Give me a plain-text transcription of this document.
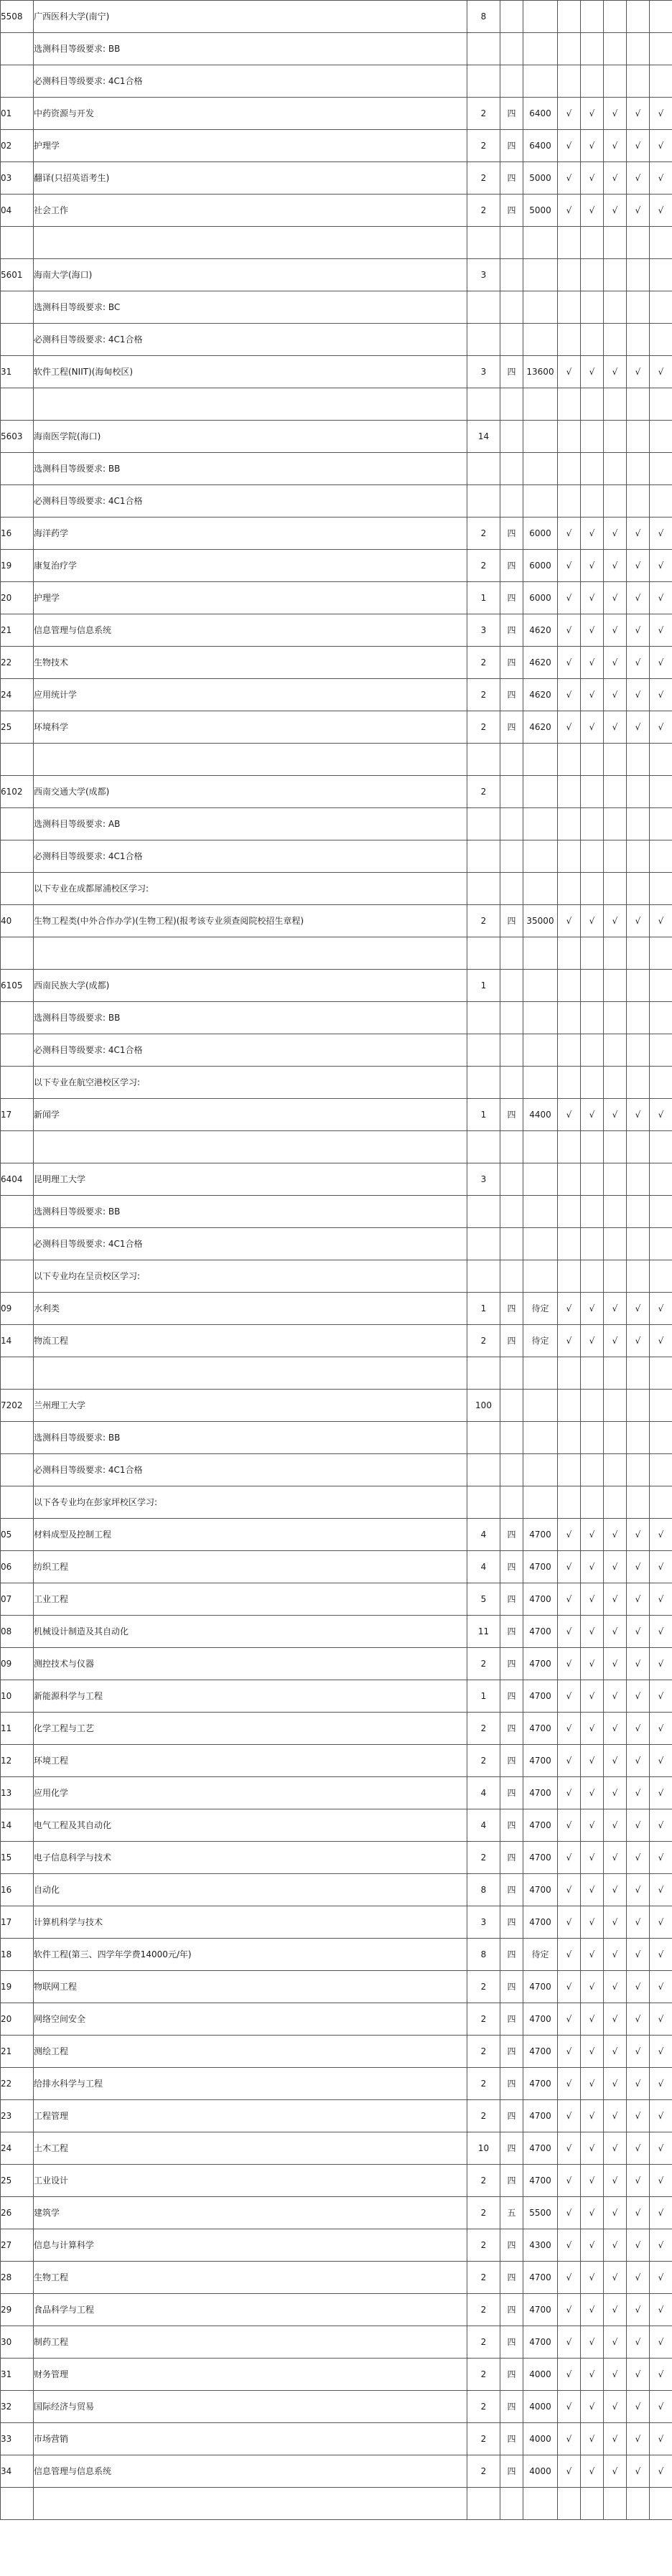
5508	广西医科大学(南宁)	8							
	选测科目等级要求: BB								
	必测科目等级要求: 4C1合格								
01	中药资源与开发	2	四	6400	√	√	√	√	√
02	护理学	2	四	6400	√	√	√	√	√
03	翻译(只招英语考生)	2	四	5000	√	√	√	√	√
04	社会工作	2	四	5000	√	√	√	√	√

5601	海南大学(海口)	3							
	选测科目等级要求: BC								
	必测科目等级要求: 4C1合格								
31	软件工程(NIIT)(海甸校区)	3	四	13600	√	√	√	√	√

5603	海南医学院(海口)	14							
	选测科目等级要求: BB								
	必测科目等级要求: 4C1合格								
16	海洋药学	2	四	6000	√	√	√	√	√
19	康复治疗学	2	四	6000	√	√	√	√	√
20	护理学	1	四	6000	√	√	√	√	√
21	信息管理与信息系统	3	四	4620	√	√	√	√	√
22	生物技术	2	四	4620	√	√	√	√	√
24	应用统计学	2	四	4620	√	√	√	√	√
25	环境科学	2	四	4620	√	√	√	√	√

6102	西南交通大学(成都)	2							
	选测科目等级要求: AB								
	必测科目等级要求: 4C1合格								
	以下专业在成都犀浦校区学习:								
40	生物工程类(中外合作办学)(生物工程)(报考该专业须查阅院校招生章程)	2	四	35000	√	√	√	√	√

6105	西南民族大学(成都)	1							
	选测科目等级要求: BB								
	必测科目等级要求: 4C1合格								
	以下专业在航空港校区学习:								
17	新闻学	1	四	4400	√	√	√	√	√

6404	昆明理工大学	3							
	选测科目等级要求: BB								
	必测科目等级要求: 4C1合格								
	以下专业均在呈贡校区学习:								
09	水利类	1	四	待定	√	√	√	√	√
14	物流工程	2	四	待定	√	√	√	√	√

7202	兰州理工大学	100							
	选测科目等级要求: BB								
	必测科目等级要求: 4C1合格								
	以下各专业均在彭家坪校区学习:								
05	材料成型及控制工程	4	四	4700	√	√	√	√	√
06	纺织工程	4	四	4700	√	√	√	√	√
07	工业工程	5	四	4700	√	√	√	√	√
08	机械设计制造及其自动化	11	四	4700	√	√	√	√	√
09	测控技术与仪器	2	四	4700	√	√	√	√	√
10	新能源科学与工程	1	四	4700	√	√	√	√	√
11	化学工程与工艺	2	四	4700	√	√	√	√	√
12	环境工程	2	四	4700	√	√	√	√	√
13	应用化学	4	四	4700	√	√	√	√	√
14	电气工程及其自动化	4	四	4700	√	√	√	√	√
15	电子信息科学与技术	2	四	4700	√	√	√	√	√
16	自动化	8	四	4700	√	√	√	√	√
17	计算机科学与技术	3	四	4700	√	√	√	√	√
18	软件工程(第三、四学年学费14000元/年)	8	四	待定	√	√	√	√	√
19	物联网工程	2	四	4700	√	√	√	√	√
20	网络空间安全	2	四	4700	√	√	√	√	√
21	测绘工程	2	四	4700	√	√	√	√	√
22	给排水科学与工程	2	四	4700	√	√	√	√	√
23	工程管理	2	四	4700	√	√	√	√	√
24	土木工程	10	四	4700	√	√	√	√	√
25	工业设计	2	四	4700	√	√	√	√	√
26	建筑学	2	五	5500	√	√	√	√	√
27	信息与计算科学	2	四	4300	√	√	√	√	√
28	生物工程	2	四	4700	√	√	√	√	√
29	食品科学与工程	2	四	4700	√	√	√	√	√
30	制药工程	2	四	4700	√	√	√	√	√
31	财务管理	2	四	4000	√	√	√	√	√
32	国际经济与贸易	2	四	4000	√	√	√	√	√
33	市场营销	2	四	4000	√	√	√	√	√
34	信息管理与信息系统	2	四	4000	√	√	√	√	√
